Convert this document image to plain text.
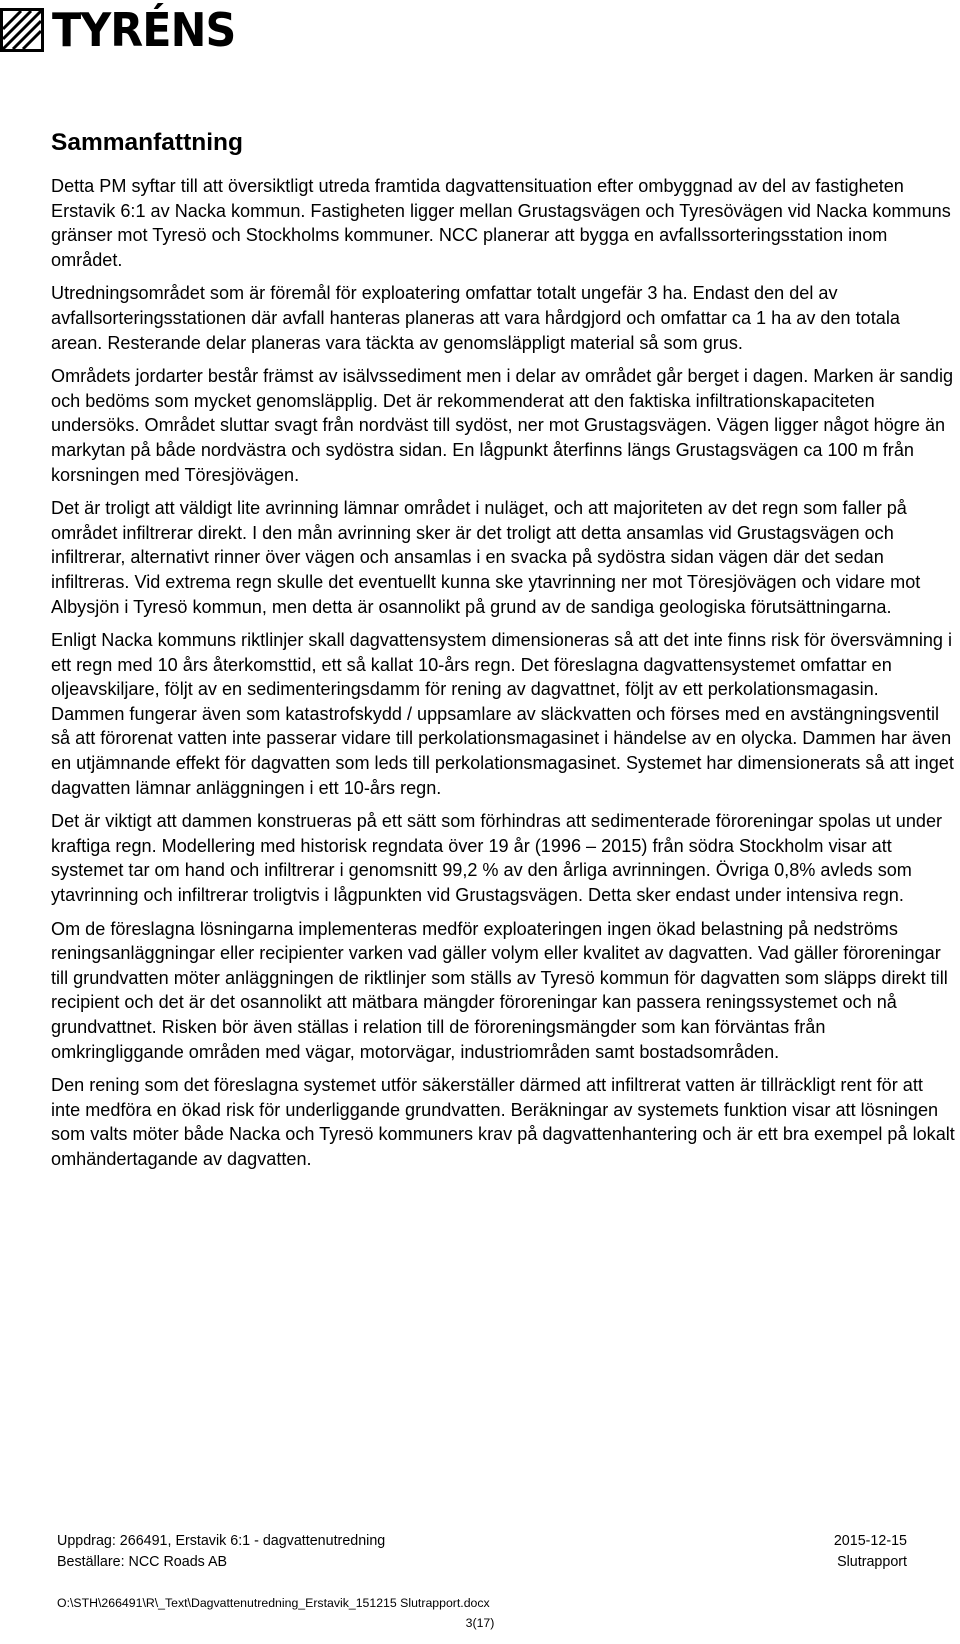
TYRÉNS
Sammanfattning

Detta PM syftar till att översiktligt utreda framtida dagvattensituation efter ombyggnad av del av fastigheten Erstavik 6:1 av Nacka kommun. Fastigheten ligger mellan Grustagsvägen och Tyresövägen vid Nacka kommuns gränser mot Tyresö och Stockholms kommuner. NCC planerar att bygga en avfallssorteringsstation inom området.

Utredningsområdet som är föremål för exploatering omfattar totalt ungefär 3 ha. Endast den del av avfallsorteringsstationen där avfall hanteras planeras att vara hårdgjord och omfattar ca 1 ha av den totala arean. Resterande delar planeras vara täckta av genomsläppligt material så som grus.

Områdets jordarter består främst av isälvssediment men i delar av området går berget i dagen. Marken är sandig och bedöms som mycket genomsläpplig. Det är rekommenderat att den faktiska infiltrationskapaciteten undersöks. Området sluttar svagt från nordväst till sydöst, ner mot Grustagsvägen. Vägen ligger något högre än markytan på både nordvästra och sydöstra sidan. En lågpunkt återfinns längs Grustagsvägen ca 100 m från korsningen med Töresjövägen.

Det är troligt att väldigt lite avrinning lämnar området i nuläget, och att majoriteten av det regn som faller på området infiltrerar direkt. I den mån avrinning sker är det troligt att detta ansamlas vid Grustagsvägen och infiltrerar, alternativt rinner över vägen och ansamlas i en svacka på sydöstra sidan vägen där det sedan infiltreras. Vid extrema regn skulle det eventuellt kunna ske ytavrinning ner mot Töresjövägen och vidare mot Albysjön i Tyresö kommun, men detta är osannolikt på grund av de sandiga geologiska förutsättningarna.

Enligt Nacka kommuns riktlinjer skall dagvattensystem dimensioneras så att det inte finns risk för översvämning i ett regn med 10 års återkomsttid, ett så kallat 10-års regn. Det föreslagna dagvattensystemet omfattar en oljeavskiljare, följt av en sedimenteringsdamm för rening av dagvattnet, följt av ett perkolationsmagasin. Dammen fungerar även som katastrofskydd / uppsamlare av släckvatten och förses med en avstängningsventil så att förorenat vatten inte passerar vidare till perkolationsmagasinet i händelse av en olycka. Dammen har även en utjämnande effekt för dagvatten som leds till perkolationsmagasinet. Systemet har dimensionerats så att inget dagvatten lämnar anläggningen i ett 10-års regn.

Det är viktigt att dammen konstrueras på ett sätt som förhindras att sedimenterade föroreningar spolas ut under kraftiga regn. Modellering med historisk regndata över 19 år (1996 – 2015) från södra Stockholm visar att systemet tar om hand och infiltrerar i genomsnitt 99,2 % av den årliga avrinningen. Övriga 0,8% avleds som ytavrinning och infiltrerar troligtvis i lågpunkten vid Grustagsvägen. Detta sker endast under intensiva regn.

Om de föreslagna lösningarna implementeras medför exploateringen ingen ökad belastning på nedströms reningsanläggningar eller recipienter varken vad gäller volym eller kvalitet av dagvatten. Vad gäller föroreningar till grundvatten möter anläggningen de riktlinjer som ställs av Tyresö kommun för dagvatten som släpps direkt till recipient och det är det osannolikt att mätbara mängder föroreningar kan passera reningssystemet och nå grundvattnet. Risken bör även ställas i relation till de föroreningsmängder som kan förväntas från omkringliggande områden med vägar, motorvägar, industriområden samt bostadsområden.

Den rening som det föreslagna systemet utför säkerställer därmed att infiltrerat vatten är tillräckligt rent för att inte medföra en ökad risk för underliggande grundvatten. Beräkningar av systemets funktion visar att lösningen som valts möter både Nacka och Tyresö kommuners krav på dagvattenhantering och är ett bra exempel på lokalt omhändertagande av dagvatten.

Uppdrag: 266491, Erstavik 6:1 - dagvattenutredning	2015-12-15
Beställare: NCC Roads AB	Slutrapport
O:\STH\266491\R\_Text\Dagvattenutredning_Erstavik_151215 Slutrapport.docx
3(17)
